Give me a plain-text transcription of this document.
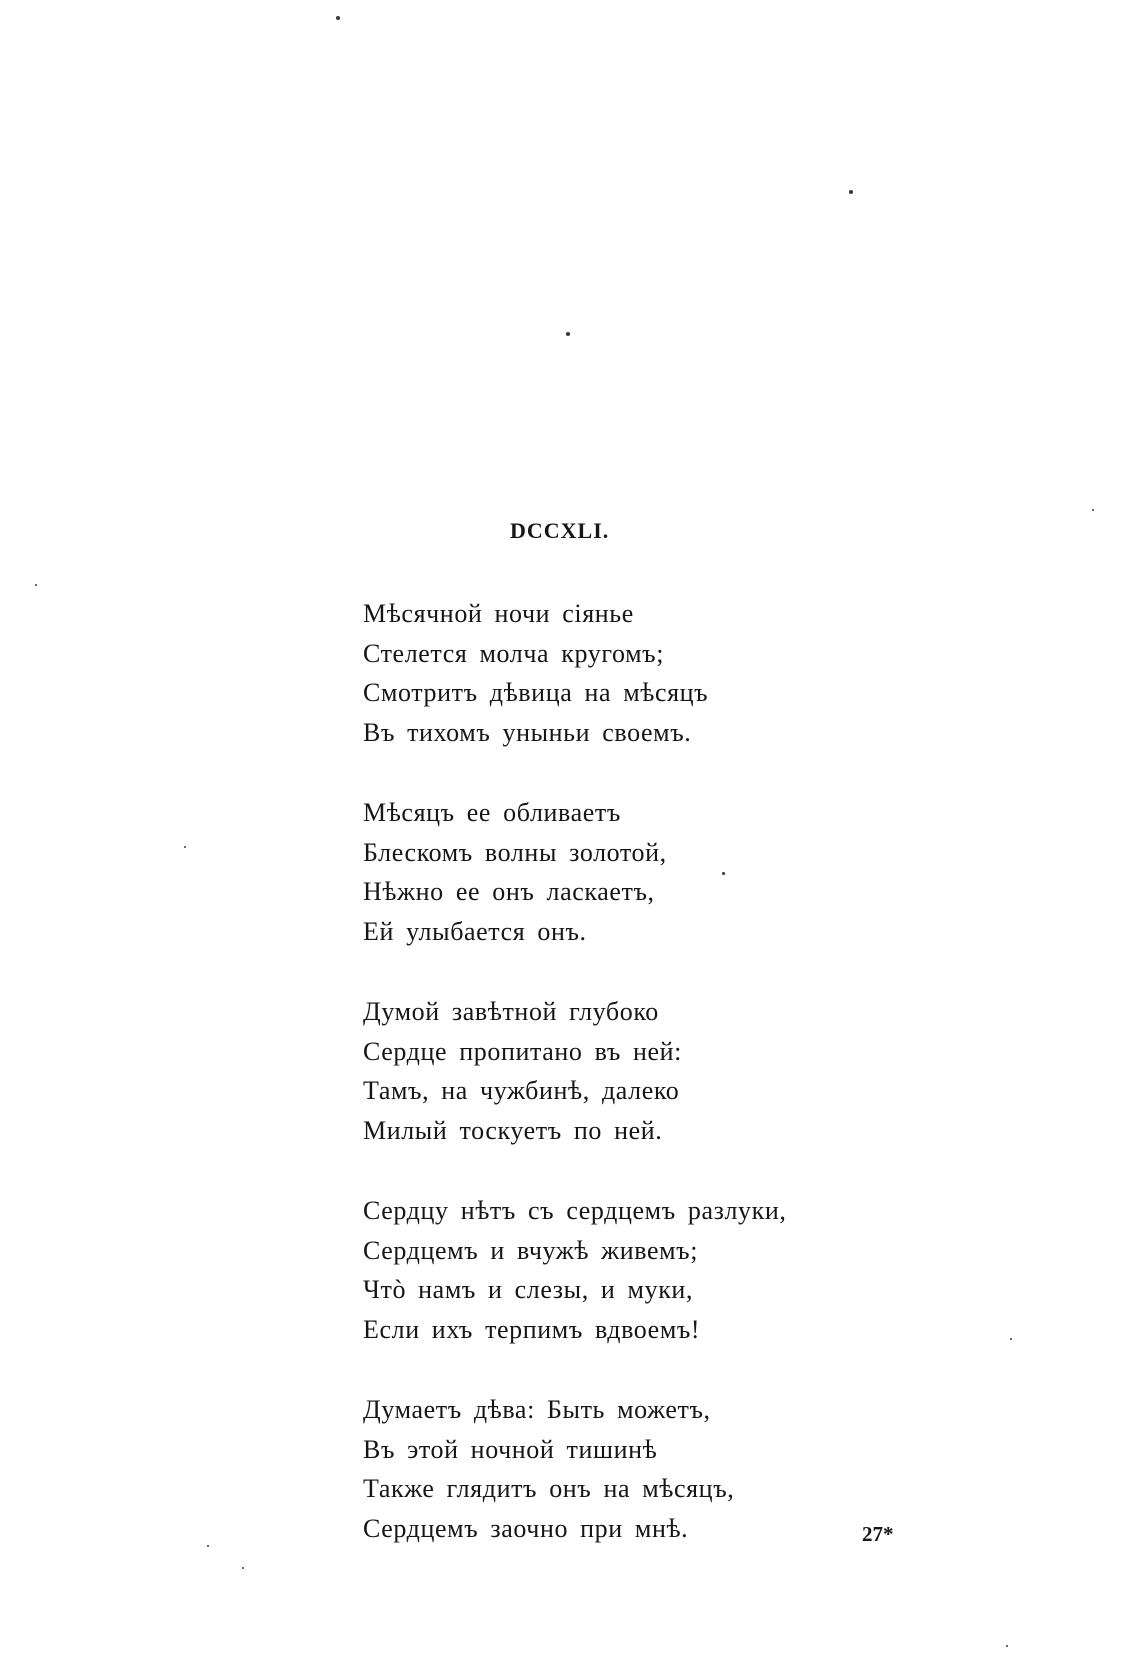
DCCXLI.
Мѣсячной ночи сіянье
Стелется молча кругомъ;
Смотритъ дѣвица на мѣсяцъ
Въ тихомъ уныньи своемъ.
Мѣсяцъ ее обливаетъ
Блескомъ волны золотой,
Нѣжно ее онъ ласкаетъ,
Ей улыбается онъ.
Думой завѣтной глубоко
Сердце пропитано въ ней:
Тамъ, на чужбинѣ, далеко
Милый тоскуетъ по ней.
Сердцу нѣтъ съ сердцемъ разлуки,
Сердцемъ и вчужѣ живемъ;
Чтò намъ и слезы, и муки,
Если ихъ терпимъ вдвоемъ!
Думаетъ дѣва: Быть можетъ,
Въ этой ночной тишинѣ
Также глядитъ онъ на мѣсяцъ,
Сердцемъ заочно при мнѣ.	27*
